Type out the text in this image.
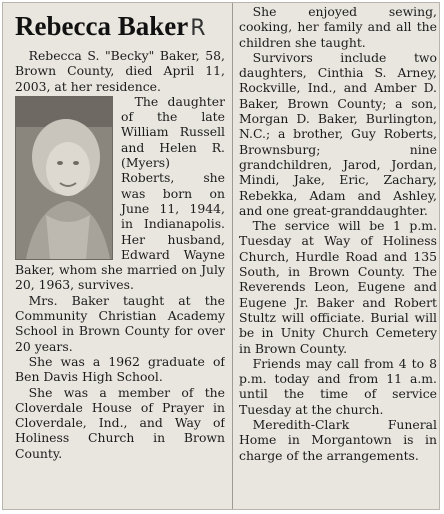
Rebecca BakerR

Rebecca S. "Becky" Baker, 58, Brown County, died April 11, 2003, at her residence.

The daughter of the late William Russell and Helen R. (Myers) Roberts, she was born on June 11, 1944, in Indianapolis. Her husband, Edward Wayne Baker, whom she married on July 20, 1963, survives.

Mrs. Baker taught at the Community Christian Academy School in Brown County for over 20 years.

She was a 1962 graduate of Ben Davis High School.

She was a member of the Cloverdale House of Prayer in Cloverdale, Ind., and Way of Holiness Church in Brown County.

She enjoyed sewing, cooking, her family and all the children she taught.

Survivors include two daughters, Cinthia S. Arney, Rockville, Ind., and Amber D. Baker, Brown County; a son, Morgan D. Baker, Burlington, N.C.; a brother, Guy Roberts, Brownsburg; nine grandchildren, Jarod, Jordan, Mindi, Jake, Eric, Zachary, Rebekka, Adam and Ashley, and one great-granddaughter.

The service will be 1 p.m. Tuesday at Way of Holiness Church, Hurdle Road and 135 South, in Brown County. The Reverends Leon, Eugene and Eugene Jr. Baker and Robert Stultz will officiate. Burial will be in Unity Church Cemetery in Brown County.

Friends may call from 4 to 8 p.m. today and from 11 a.m. until the time of service Tuesday at the church.

Meredith-Clark Funeral Home in Morgantown is in charge of the arrangements.
